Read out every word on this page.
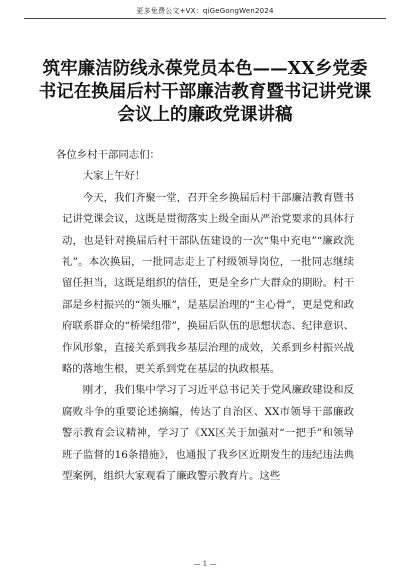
更多免费公文+VX：qiGeGongWen2024
筑牢廉洁防线永葆党员本色——XX乡党委书记在换届后村干部廉洁教育暨书记讲党课会议上的廉政党课讲稿

各位乡村干部同志们：

大家上午好！

今天，我们齐聚一堂，召开全乡换届后村干部廉洁教育暨书记讲党课会议，这既是贯彻落实上级全面从严治党要求的具体行动，也是针对换届后村干部队伍建设的一次“集中充电”“廉政洗礼”。本次换届，一批同志走上了村级领导岗位，一批同志继续留任担当，这既是组织的信任，更是全乡广大群众的期盼。村干部是乡村振兴的“领头雁”，是基层治理的“主心骨”，更是党和政府联系群众的“桥梁纽带”，换届后队伍的思想状态、纪律意识、作风形象，直接关系到我乡基层治理的成效，关系到乡村振兴战略的落地生根，更关系到党在基层的执政根基。

刚才，我们集中学习了习近平总书记关于党风廉政建设和反腐败斗争的重要论述摘编，传达了自治区、XX市领导干部廉政警示教育会议精神，学习了《XX区关于加强对“一把手”和领导班子监督的16条措施》，也通报了我乡区近期发生的违纪违法典型案例，组织大家观看了廉政警示教育片。这些

— 1 —
